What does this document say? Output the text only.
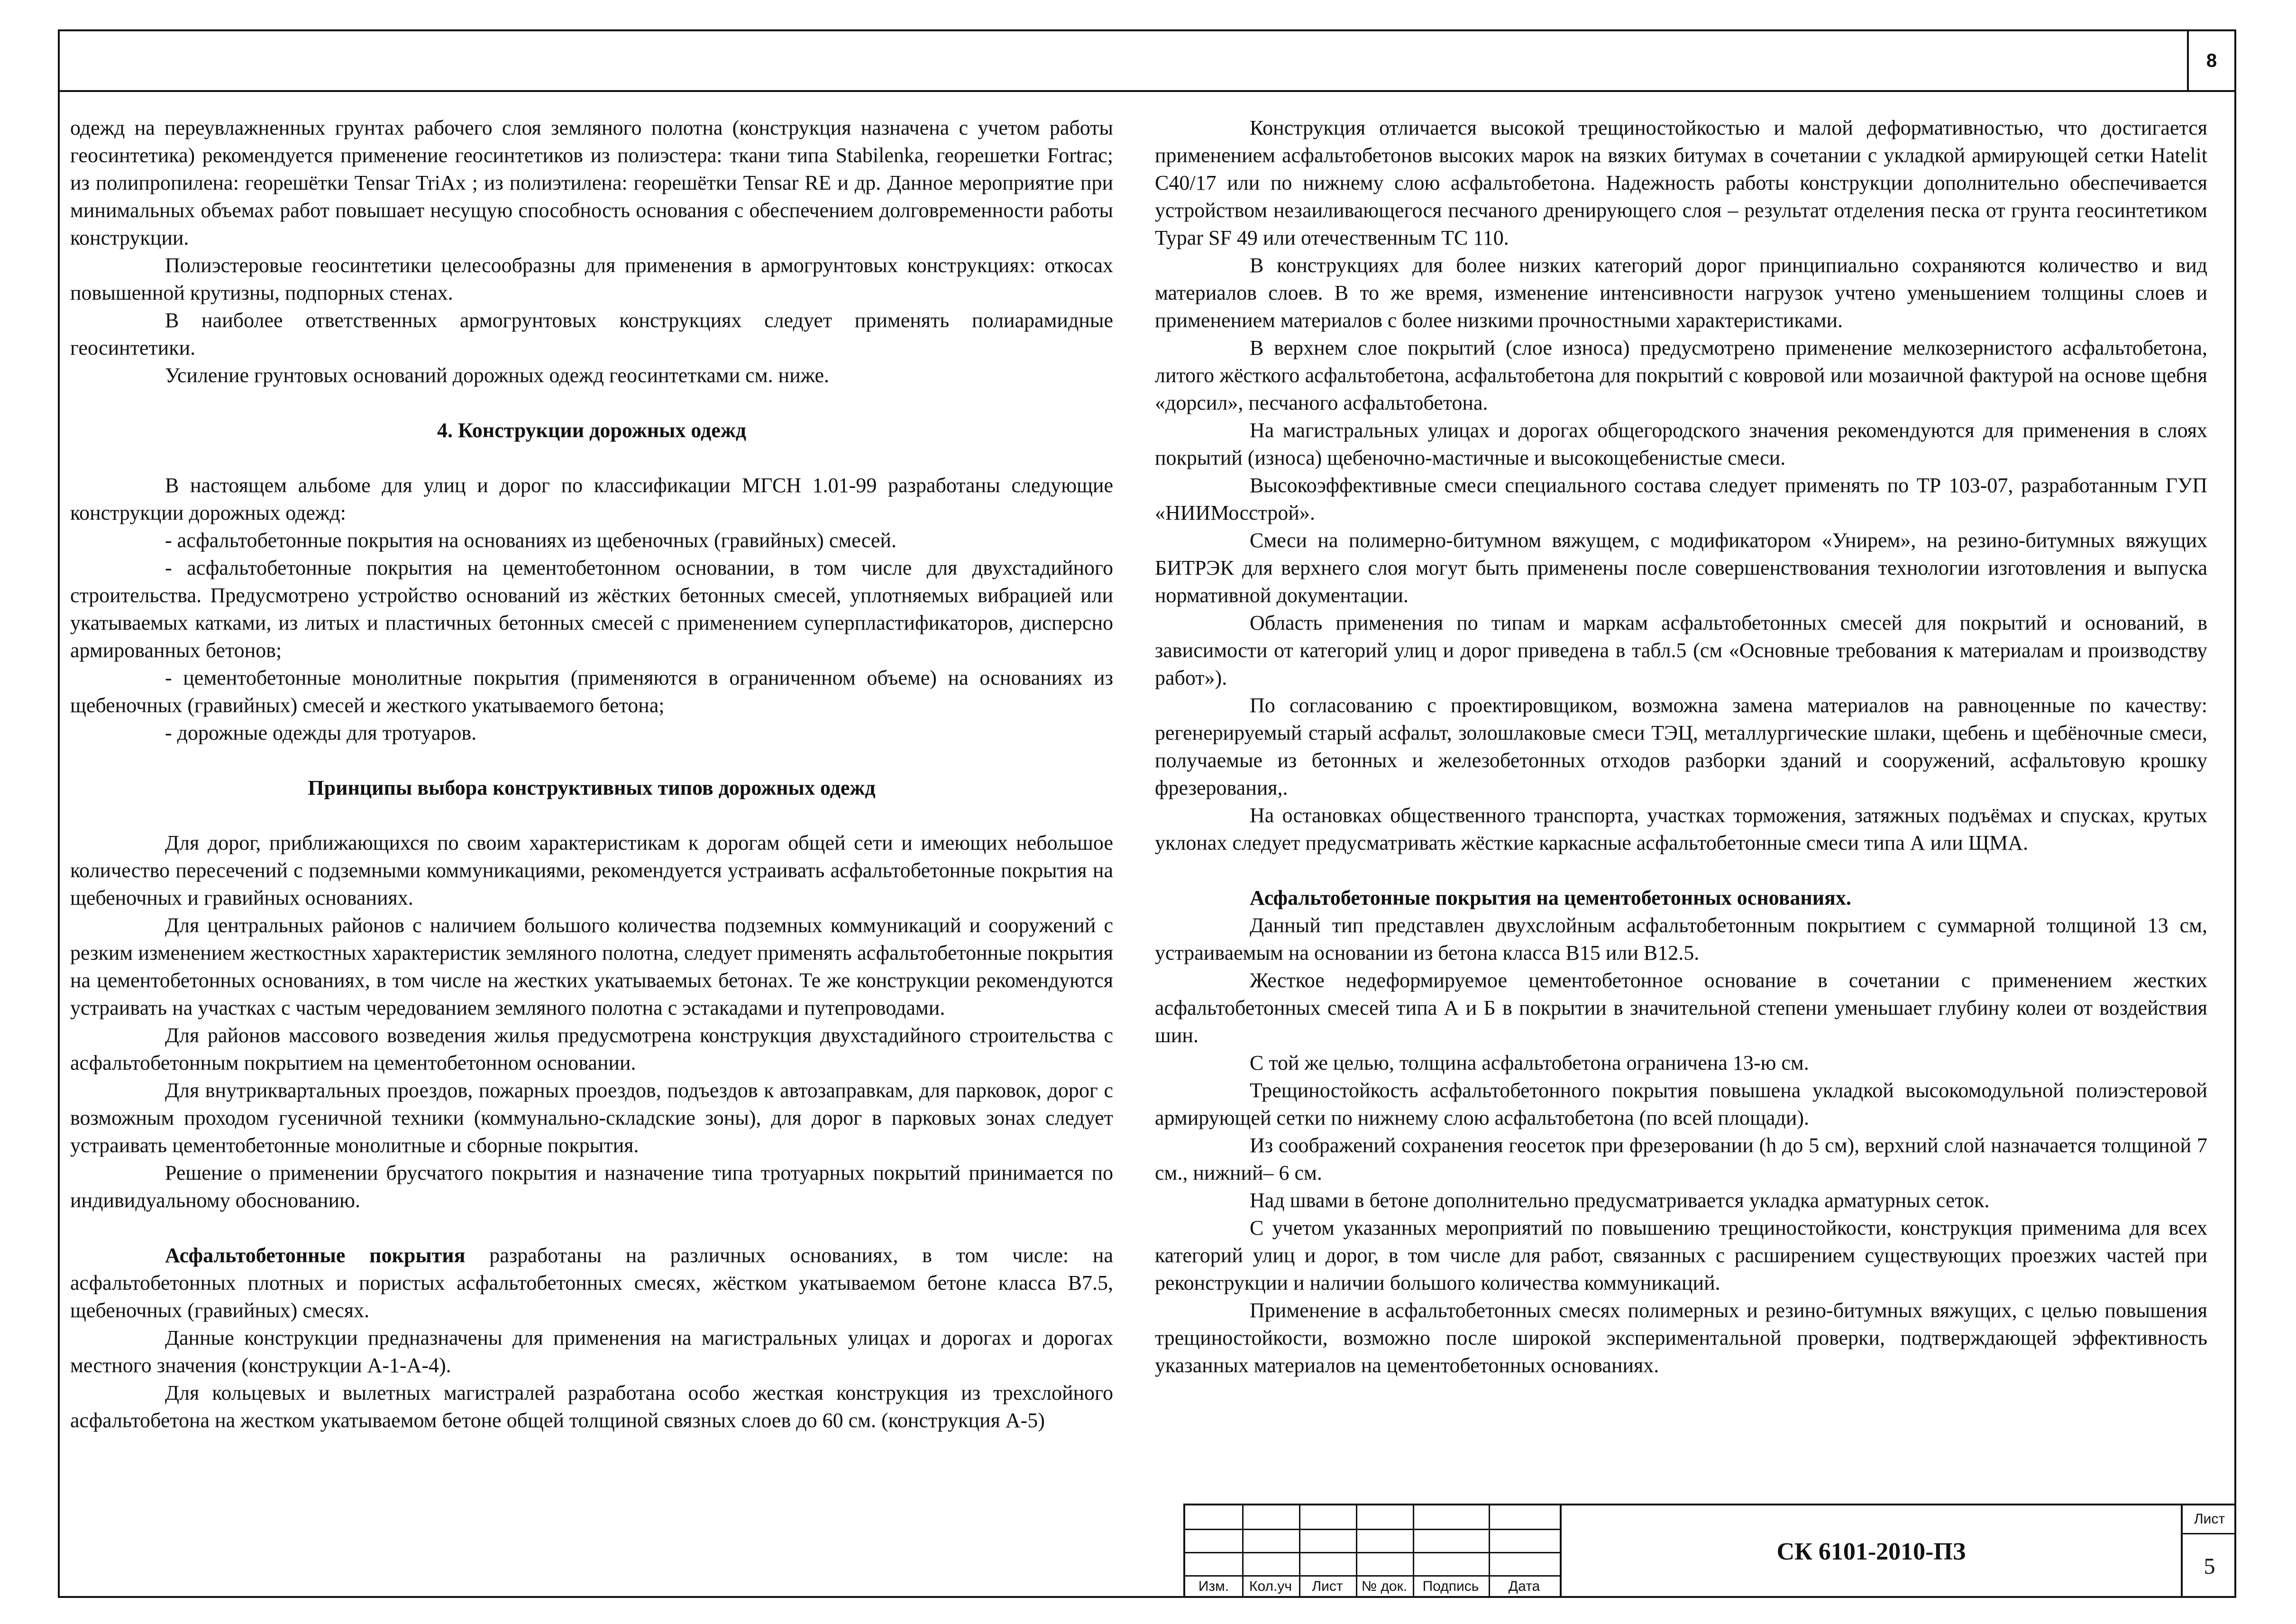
8

одежд на переувлажненных грунтах рабочего слоя земляного полотна (конструкция назначена с учетом работы геосинтетика) рекомендуется применение геосинтетиков из полиэстера: ткани типа Stabilenka, георешетки Fortrac; из полипропилена: георешётки Tensar TriAx ; из полиэтилена: георешётки Tensar RE и др. Данное мероприятие при минимальных объемах работ повышает несущую способность основания с обеспечением долговременности работы конструкции.

Полиэстеровые геосинтетики целесообразны для применения в армогрунтовых конструкциях: откосах повышенной крутизны, подпорных стенах.

В наиболее ответственных армогрунтовых конструкциях следует применять полиарамидные геосинтетики.

Усиление грунтовых оснований дорожных одежд геосинтетками см. ниже.

4. Конструкции дорожных одежд

В настоящем альбоме для улиц и дорог по классификации МГСН 1.01-99 разработаны следующие конструкции дорожных одежд:

- асфальтобетонные покрытия на основаниях из щебеночных (гравийных) смесей.

- асфальтобетонные покрытия на цементобетонном основании, в том числе для двухстадийного строительства. Предусмотрено устройство оснований из жёстких бетонных смесей, уплотняемых вибрацией или укатываемых катками, из литых и пластичных бетонных смесей с применением суперпластификаторов, дисперсно армированных бетонов;

- цементобетонные монолитные покрытия (применяются в ограниченном объеме) на основаниях из щебеночных (гравийных) смесей и жесткого укатываемого бетона;

- дорожные одежды для тротуаров.

Принципы выбора конструктивных типов дорожных одежд

Для дорог, приближающихся по своим характеристикам к дорогам общей сети и имеющих небольшое количество пересечений с подземными коммуникациями, рекомендуется устраивать асфальтобетонные покрытия на щебеночных и гравийных основаниях.

Для центральных районов с наличием большого количества подземных коммуникаций и сооружений с резким изменением жесткостных характеристик земляного полотна, следует применять асфальтобетонные покрытия на цементобетонных основаниях, в том числе на жестких укатываемых бетонах. Те же конструкции рекомендуются устраивать на участках с частым чередованием земляного полотна с эстакадами и путепроводами.

Для районов массового возведения жилья предусмотрена конструкция двухстадийного строительства с асфальтобетонным покрытием на цементобетонном основании.

Для внутриквартальных проездов, пожарных проездов, подъездов к автозаправкам, для парковок, дорог с возможным проходом гусеничной техники (коммунально-складские зоны), для дорог в парковых зонах следует устраивать цементобетонные монолитные и сборные покрытия.

Решение о применении брусчатого покрытия и назначение типа тротуарных покрытий принимается по индивидуальному обоснованию.

Асфальтобетонные покрытия разработаны на различных основаниях, в том числе: на асфальтобетонных плотных и пористых асфальтобетонных смесях, жёстком укатываемом бетоне класса В7.5, щебеночных (гравийных) смесях.

Данные конструкции предназначены для применения на магистральных улицах и дорогах и дорогах местного значения (конструкции А-1-А-4).

Для кольцевых и вылетных магистралей разработана особо жесткая конструкция из трехслойного асфальтобетона на жестком укатываемом бетоне общей толщиной связных слоев до 60 см. (конструкция А-5)

Конструкция отличается высокой трещиностойкостью и малой деформативностью, что достигается применением асфальтобетонов высоких марок на вязких битумах в сочетании с укладкой армирующей сетки Hatelit C40/17 или по нижнему слою асфальтобетона. Надежность работы конструкции дополнительно обеспечивается устройством незаиливающегося песчаного дренирующего слоя – результат отделения песка от грунта геосинтетиком Typar SF 49 или отечественным ТС 110.

В конструкциях для более низких категорий дорог принципиально сохраняются количество и вид материалов слоев. В то же время, изменение интенсивности нагрузок учтено уменьшением толщины слоев и применением материалов с более низкими прочностными характеристиками.

В верхнем слое покрытий (слое износа) предусмотрено применение мелкозернистого асфальтобетона, литого жёсткого асфальтобетона, асфальтобетона для покрытий с ковровой или мозаичной фактурой на основе щебня «дорсил», песчаного асфальтобетона.

На магистральных улицах и дорогах общегородского значения рекомендуются для применения в слоях покрытий (износа) щебеночно-мастичные и высокощебенистые смеси.

Высокоэффективные смеси специального состава следует применять по ТР 103-07, разработанным ГУП «НИИМосстрой».

Смеси на полимерно-битумном вяжущем, с модификатором «Унирем», на резино-битумных вяжущих БИТРЭК для верхнего слоя могут быть применены после совершенствования технологии изготовления и выпуска нормативной документации.

Область применения по типам и маркам асфальтобетонных смесей для покрытий и оснований, в зависимости от категорий улиц и дорог приведена в табл.5 (см «Основные требования к материалам и производству работ»).

По согласованию с проектировщиком, возможна замена материалов на равноценные по качеству: регенерируемый старый асфальт, золошлаковые смеси ТЭЦ, металлургические шлаки, щебень и щебёночные смеси, получаемые из бетонных и железобетонных отходов разборки зданий и сооружений, асфальтовую крошку фрезерования,.

На остановках общественного транспорта, участках торможения, затяжных подъёмах и спусках, крутых уклонах следует предусматривать жёсткие каркасные асфальтобетонные смеси типа А или ЩМА.

Асфальтобетонные покрытия на цементобетонных основаниях.

Данный тип представлен двухслойным асфальтобетонным покрытием с суммарной толщиной 13 см, устраиваемым на основании из бетона класса В15 или В12.5.

Жесткое недеформируемое цементобетонное основание в сочетании с применением жестких асфальтобетонных смесей типа А и Б в покрытии в значительной степени уменьшает глубину колеи от воздействия шин.

С той же целью, толщина асфальтобетона ограничена 13-ю см.

Трещиностойкость асфальтобетонного покрытия повышена укладкой высокомодульной полиэстеровой армирующей сетки по нижнему слою асфальтобетона (по всей площади).

Из соображений сохранения геосеток при фрезеровании (h до 5 см), верхний слой назначается толщиной 7 см., нижний– 6 см.

Над швами в бетоне дополнительно предусматривается укладка арматурных сеток.

С учетом указанных мероприятий по повышению трещиностойкости, конструкция применима для всех категорий улиц и дорог, в том числе для работ, связанных с расширением существующих проезжих частей при реконструкции и наличии большого количества коммуникаций.

Применение в асфальтобетонных смесях полимерных и резино-битумных вяжущих, с целью повышения трещиностойкости, возможно после широкой экспериментальной проверки, подтверждающей эффективность указанных материалов на цементобетонных основаниях.

Изм.	Кол.уч	Лист	№ док.	Подпись	Дата
СК 6101-2010-ПЗ
Лист
5
